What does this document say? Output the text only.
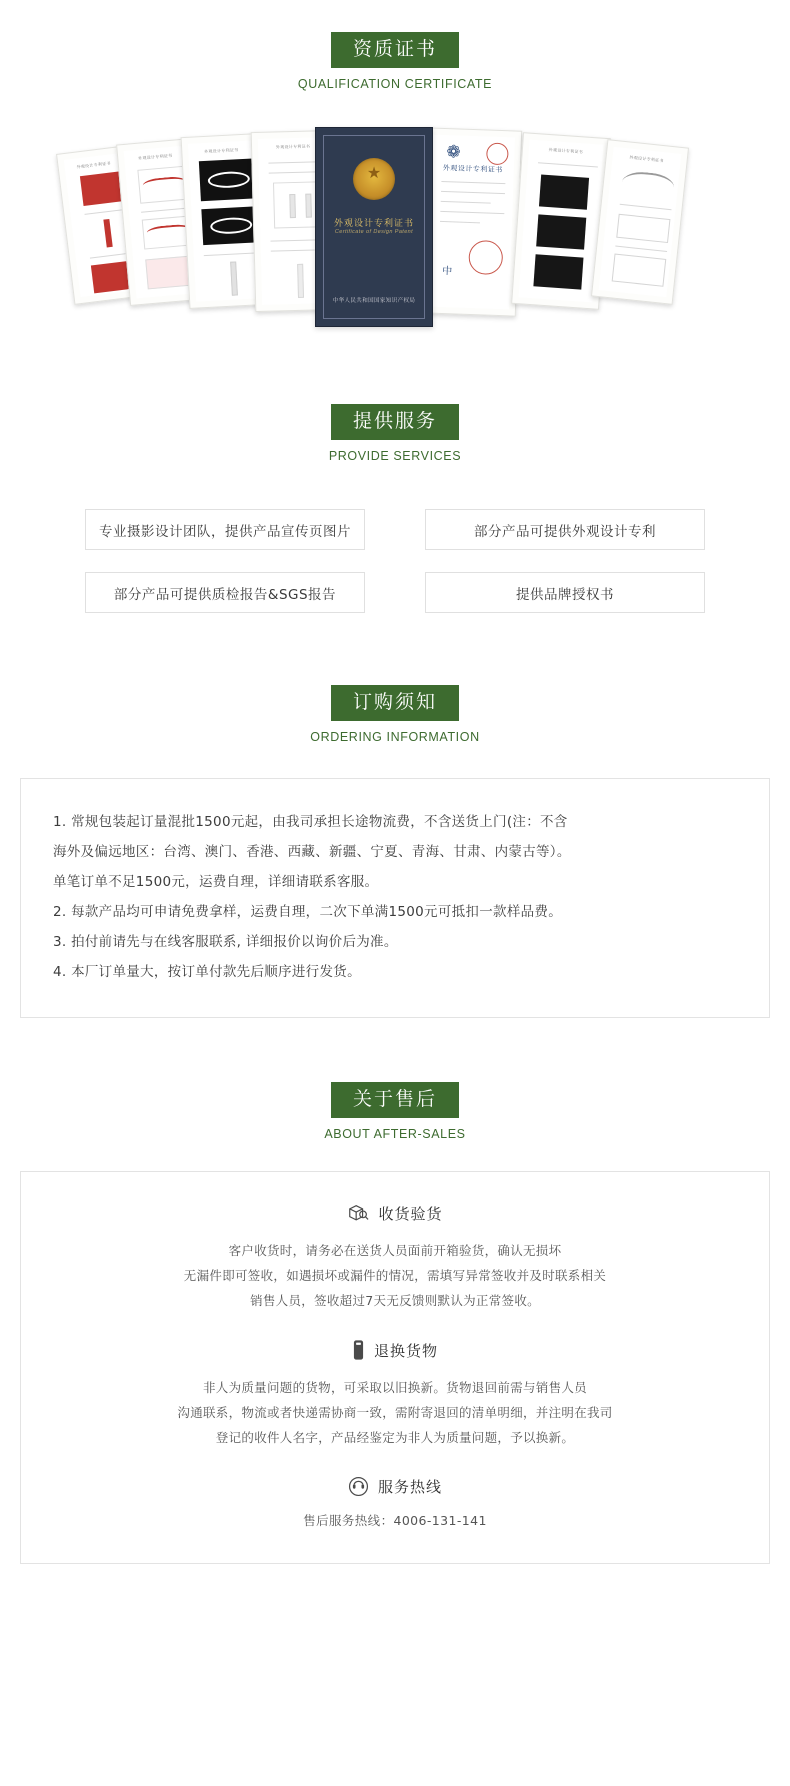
资质证书
QUALIFICATION CERTIFICATE
外观设计专利证书
外观设计专利证书
外观设计专利证书
外观设计专利证书
★
外观设计专利证书
Certificate of Design Patent
中华人民共和国国家知识产权局
外观设计专利证书
❁
中
外观设计专利证书
外观设计专利证书
提供服务
PROVIDE SERVICES
专业摄影设计团队，提供产品宣传页图片	部分产品可提供外观设计专利
部分产品可提供质检报告&SGS报告	提供品牌授权书
订购须知
ORDERING INFORMATION
1. 常规包装起订量混批1500元起，由我司承担长途物流费，不含送货上门(注：不含
海外及偏远地区：台湾、澳门、香港、西藏、新疆、宁夏、青海、甘肃、内蒙古等）。
单笔订单不足1500元，运费自理，详细请联系客服。
2. 每款产品均可申请免费拿样，运费自理，二次下单满1500元可抵扣一款样品费。
3. 拍付前请先与在线客服联系, 详细报价以询价后为准。
4. 本厂订单量大，按订单付款先后顺序进行发货。
关于售后
ABOUT AFTER-SALES
收货验货

客户收货时，请务必在送货人员面前开箱验货，确认无损坏

无漏件即可签收，如遇损坏或漏件的情况，需填写异常签收并及时联系相关

销售人员，签收超过7天无反馈则默认为正常签收。

退换货物

非人为质量问题的货物，可采取以旧换新。货物退回前需与销售人员

沟通联系，物流或者快递需协商一致，需附寄退回的清单明细，并注明在我司

登记的收件人名字，产品经鉴定为非人为质量问题，予以换新。

服务热线
售后服务热线：4006-131-141
